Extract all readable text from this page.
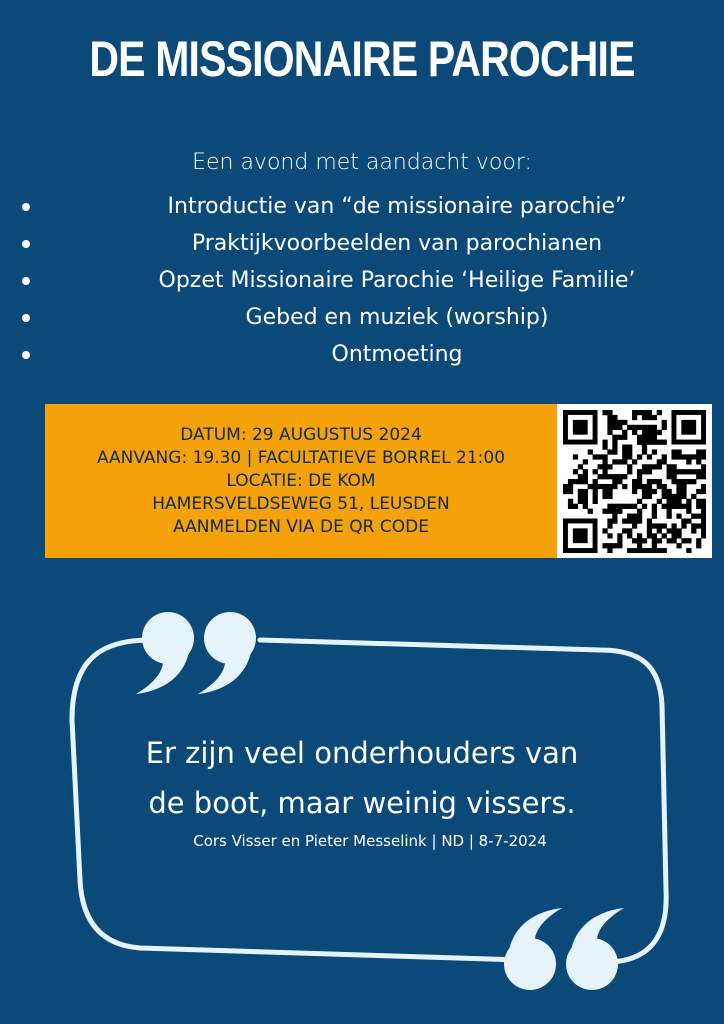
DE MISSIONAIRE PAROCHIE
Een avond met aandacht voor:
Introductie van “de missionaire parochie”
Praktijkvoorbeelden van parochianen
Opzet Missionaire Parochie ‘Heilige Familie’
Gebed en muziek (worship)
Ontmoeting
DATUM: 29 AUGUSTUS 2024
AANVANG: 19.30 | FACULTATIEVE BORREL 21:00
LOCATIE: DE KOM
HAMERSVELDSEWEG 51, LEUSDEN
AANMELDEN VIA DE QR CODE
Er zijn veel onderhouders van
de boot, maar weinig vissers.
Cors Visser en Pieter Messelink | ND | 8-7-2024
